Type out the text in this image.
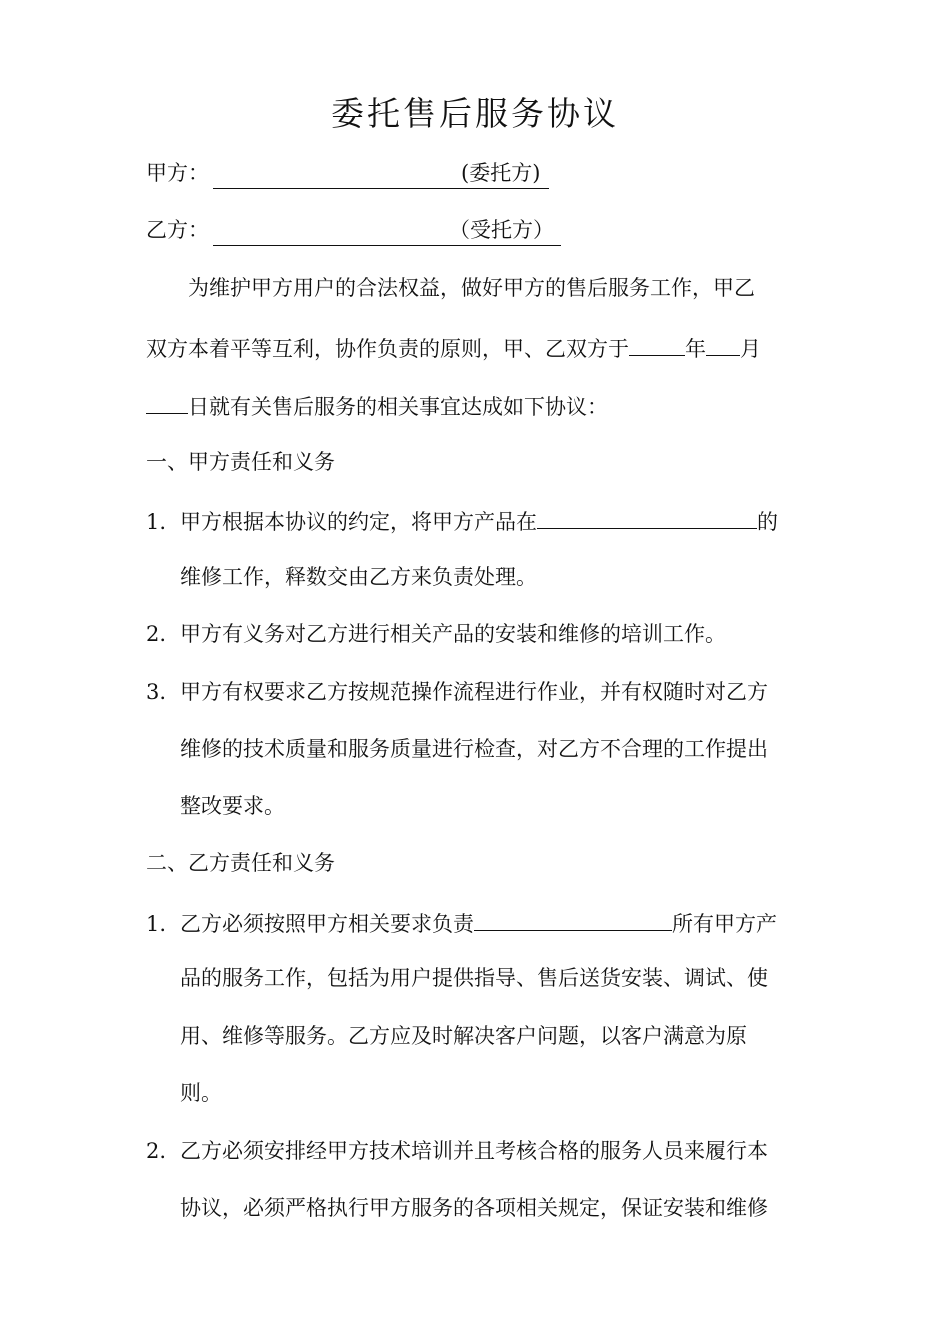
委托售后服务协议
甲方：	(委托方)
乙方：	（受托方）
为维护甲方用户的合法权益，做好甲方的售后服务工作，甲乙
双方本着平等互利，协作负责的原则，甲、乙双方于	年 月
日就有关售后服务的相关事宜达成如下协议：
一、甲方责任和义务
1. 甲方根据本协议的约定，将甲方产品在	的
维修工作，释数交由乙方来负责处理。
2. 甲方有义务对乙方进行相关产品的安装和维修的培训工作。
3. 甲方有权要求乙方按规范操作流程进行作业，并有权随时对乙方
维修的技术质量和服务质量进行检查，对乙方不合理的工作提出
整改要求。
二、乙方责任和义务
1. 乙方必须按照甲方相关要求负责	所有甲方产
品的服务工作，包括为用户提供指导、售后送货安装、调试、使
用、维修等服务。乙方应及时解决客户问题，以客户满意为原
则。
2. 乙方必须安排经甲方技术培训并且考核合格的服务人员来履行本
协议，必须严格执行甲方服务的各项相关规定，保证安装和维修
